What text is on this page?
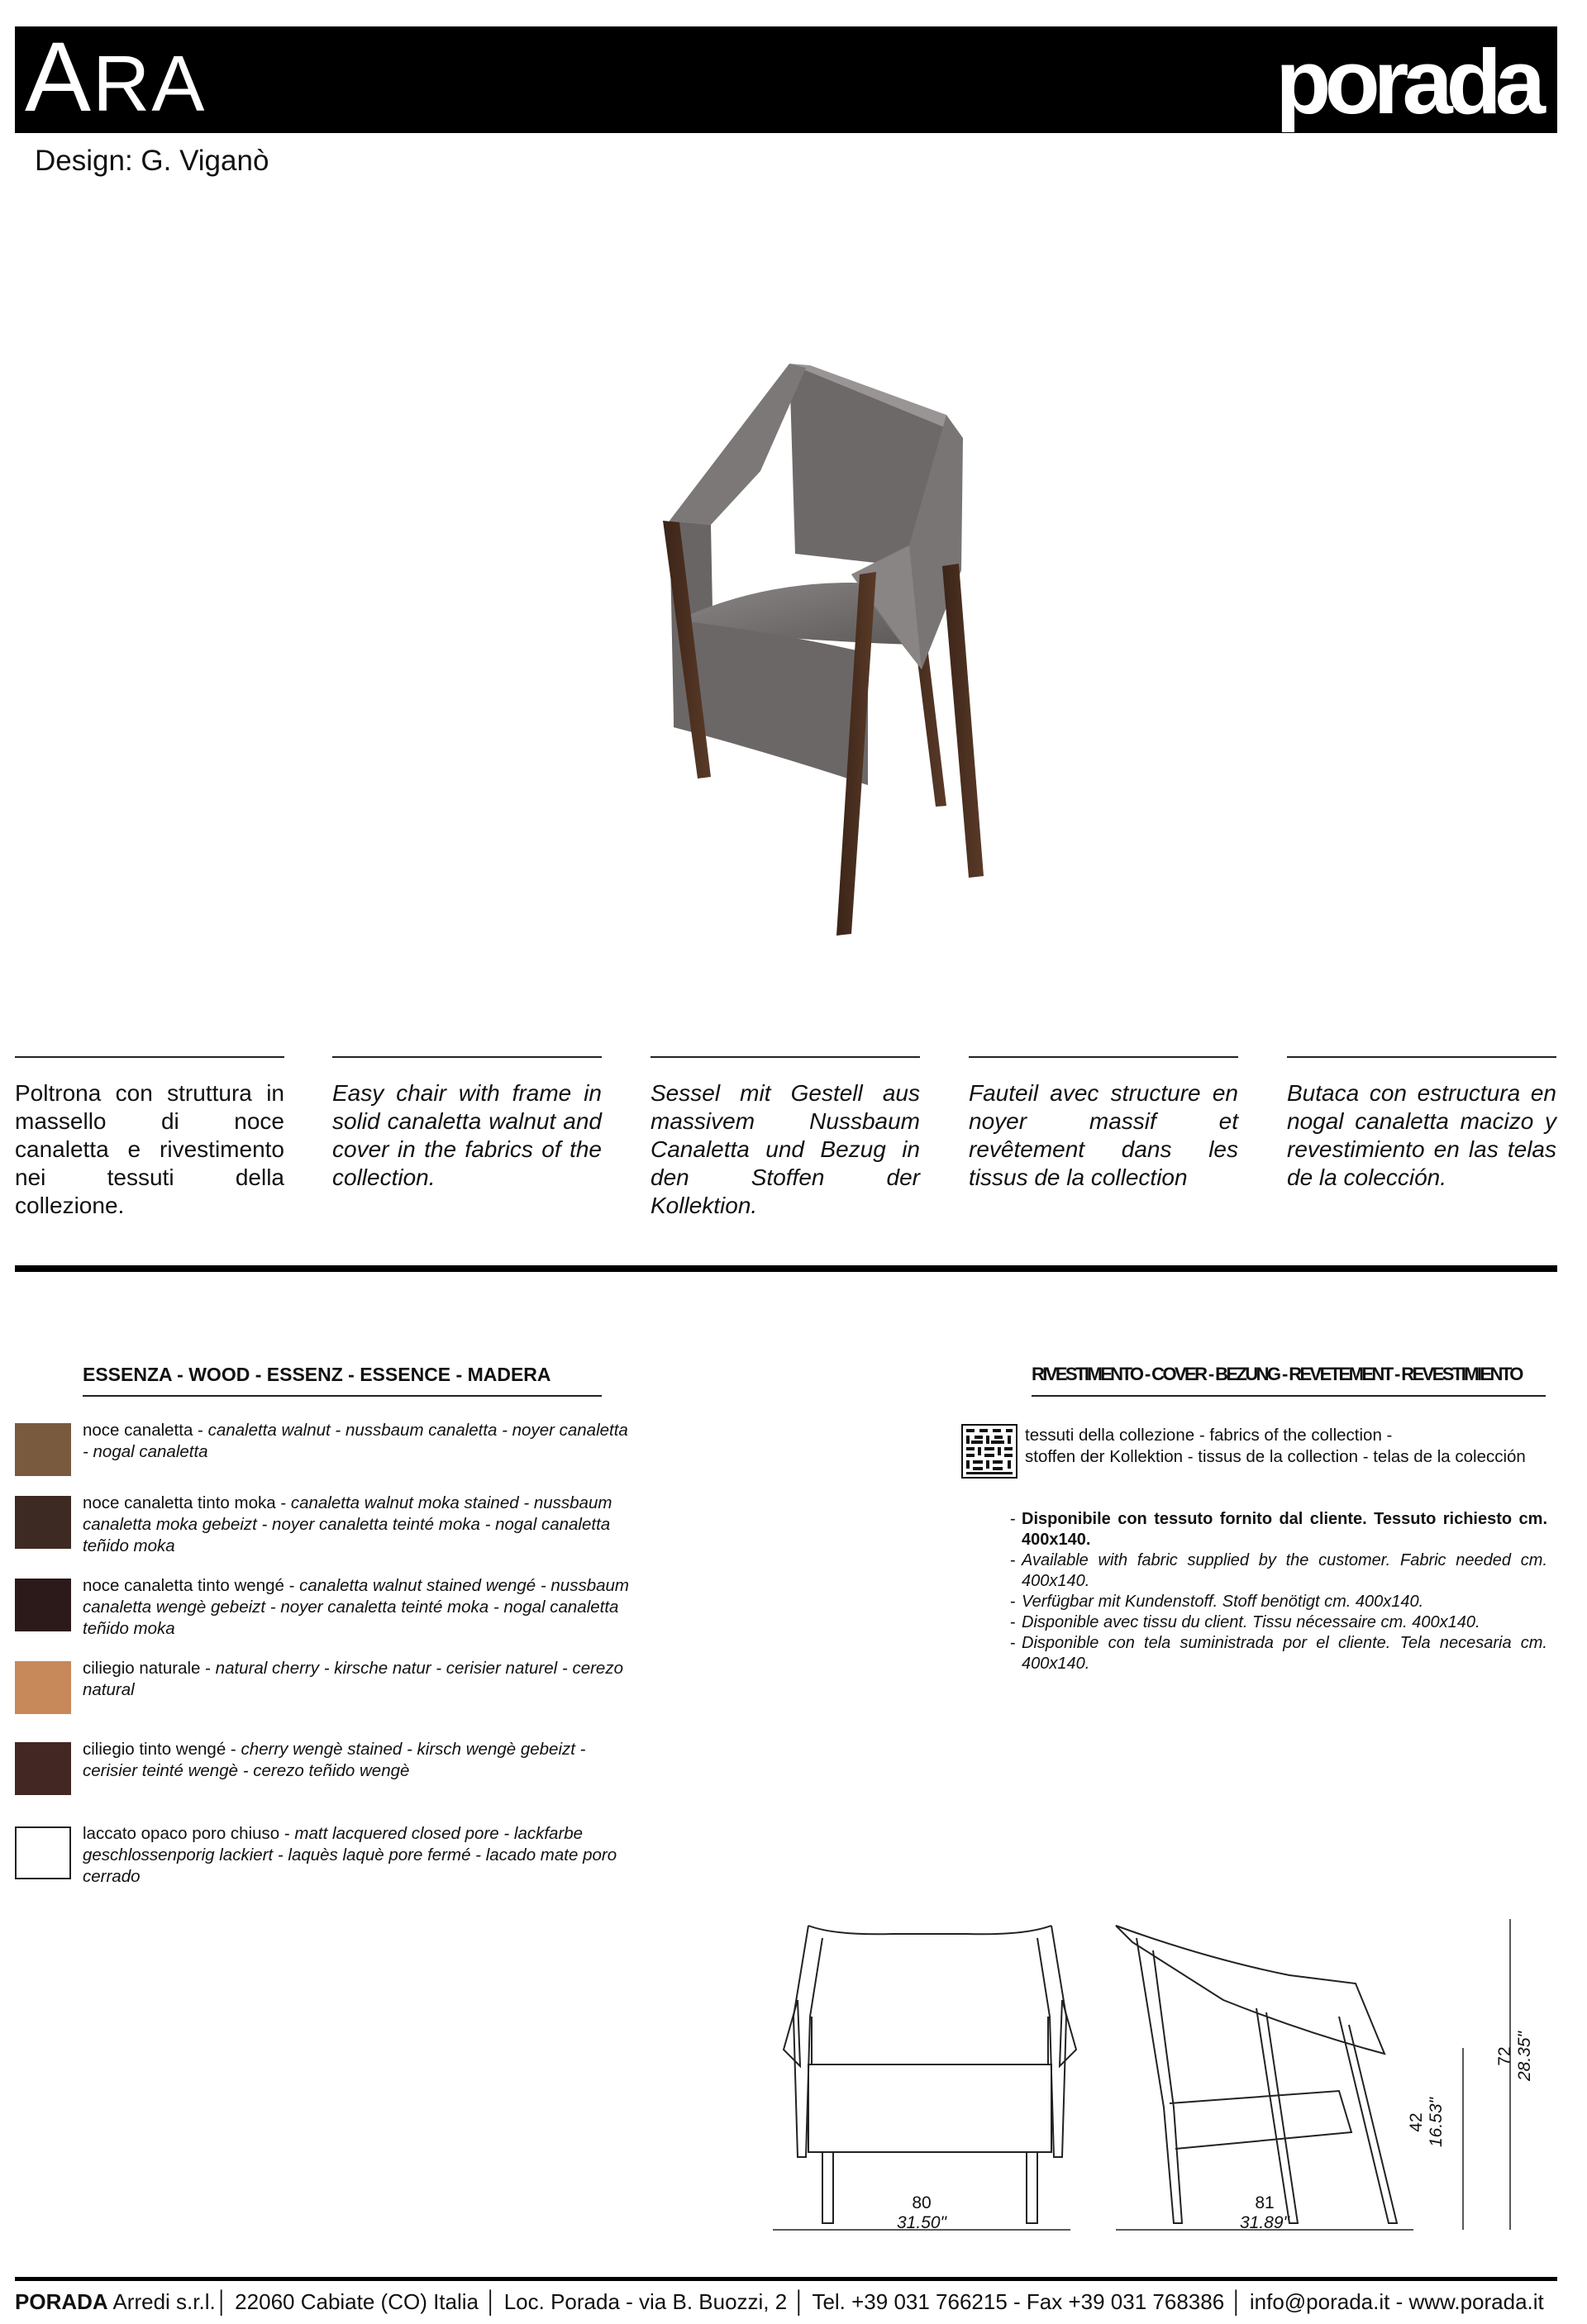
ARA	porada
Design: G. Viganò

Poltrona con struttura in massello di noce canaletta e rivestimento nei tessuti della collezione.

Easy chair with frame in solid canaletta walnut and cover in the fabrics of the collection.

Sessel mit Gestell aus massivem Nussbaum Canaletta und Bezug in den Stoffen der Kollektion.

Fauteil avec structure en noyer massif et revêtement dans les tissus de la collection

Butaca con estructura en nogal canaletta macizo y revestimiento en las telas de la colección.

ESSENZA - WOOD - ESSENZ - ESSENCE - MADERA
noce canaletta - canaletta walnut - nussbaum canaletta - noyer canaletta - nogal canaletta
noce canaletta tinto moka - canaletta walnut moka stained - nussbaum canaletta moka gebeizt - noyer canaletta teinté moka - nogal canaletta teñido moka
noce canaletta tinto wengé - canaletta walnut stained wengé - nussbaum canaletta wengè gebeizt - noyer canaletta teinté moka - nogal canaletta teñido moka
ciliegio naturale - natural cherry - kirsche natur - cerisier naturel - cerezo natural
ciliegio tinto wengé - cherry wengè stained - kirsch wengè gebeizt - cerisier teinté wengè - cerezo teñido wengè
laccato opaco poro chiuso - matt lacquered closed pore - lackfarbe geschlossenporig lackiert - laquès laquè pore fermé - lacado mate poro cerrado
RIVESTIMENTO - COVER - BEZUNG - REVETEMENT - REVESTIMIENTO
tessuti della collezione - fabrics of the collection -
stoffen der Kollektion - tissus de la collection - telas de la colección
- Disponibile con tessuto fornito dal cliente. Tessuto richiesto cm. 400x140.
- Available with fabric supplied by the customer. Fabric needed cm. 400x140.
- Verfügbar mit Kundenstoff. Stoff benötigt cm. 400x140.
- Disponible avec tissu du client. Tissu nécessaire cm. 400x140.
- Disponible con tela suministrada por el cliente. Tela necesaria cm. 400x140.
80
31.50"
81
31.89"
42 16.53"
72 28.35"
PORADA Arredi s.r.l.│ 22060 Cabiate (CO) Italia │ Loc. Porada - via B. Buozzi, 2 │ Tel. +39 031 766215 - Fax +39 031 768386 │ info@porada.it - www.porada.it
